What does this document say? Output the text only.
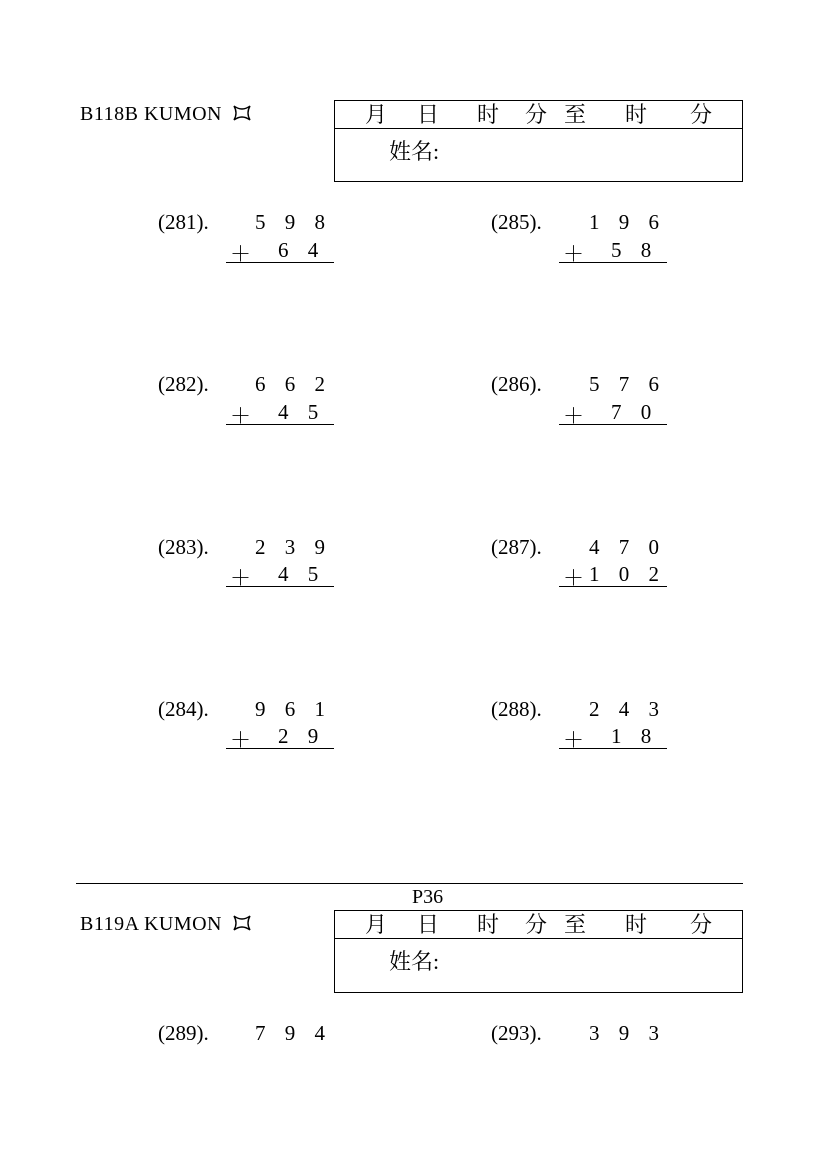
B118B KUMON	月 日 时 分 至 时 分
姓名:
(281). 5 9 8
＋ 6 4
(282). 6 6 2
＋ 4 5
(283). 2 3 9
＋ 4 5
(284). 9 6 1
＋ 2 9
(285). 1 9 6
＋ 5 8
(286). 5 7 6
＋ 7 0
(287). 4 7 0
＋
1 0 2
(288). 2 4 3
＋ 1 8
P36
B119A KUMON	月 日 时 分 至 时 分
姓名:
(289). 7 9 4	(293). 3 9 3
